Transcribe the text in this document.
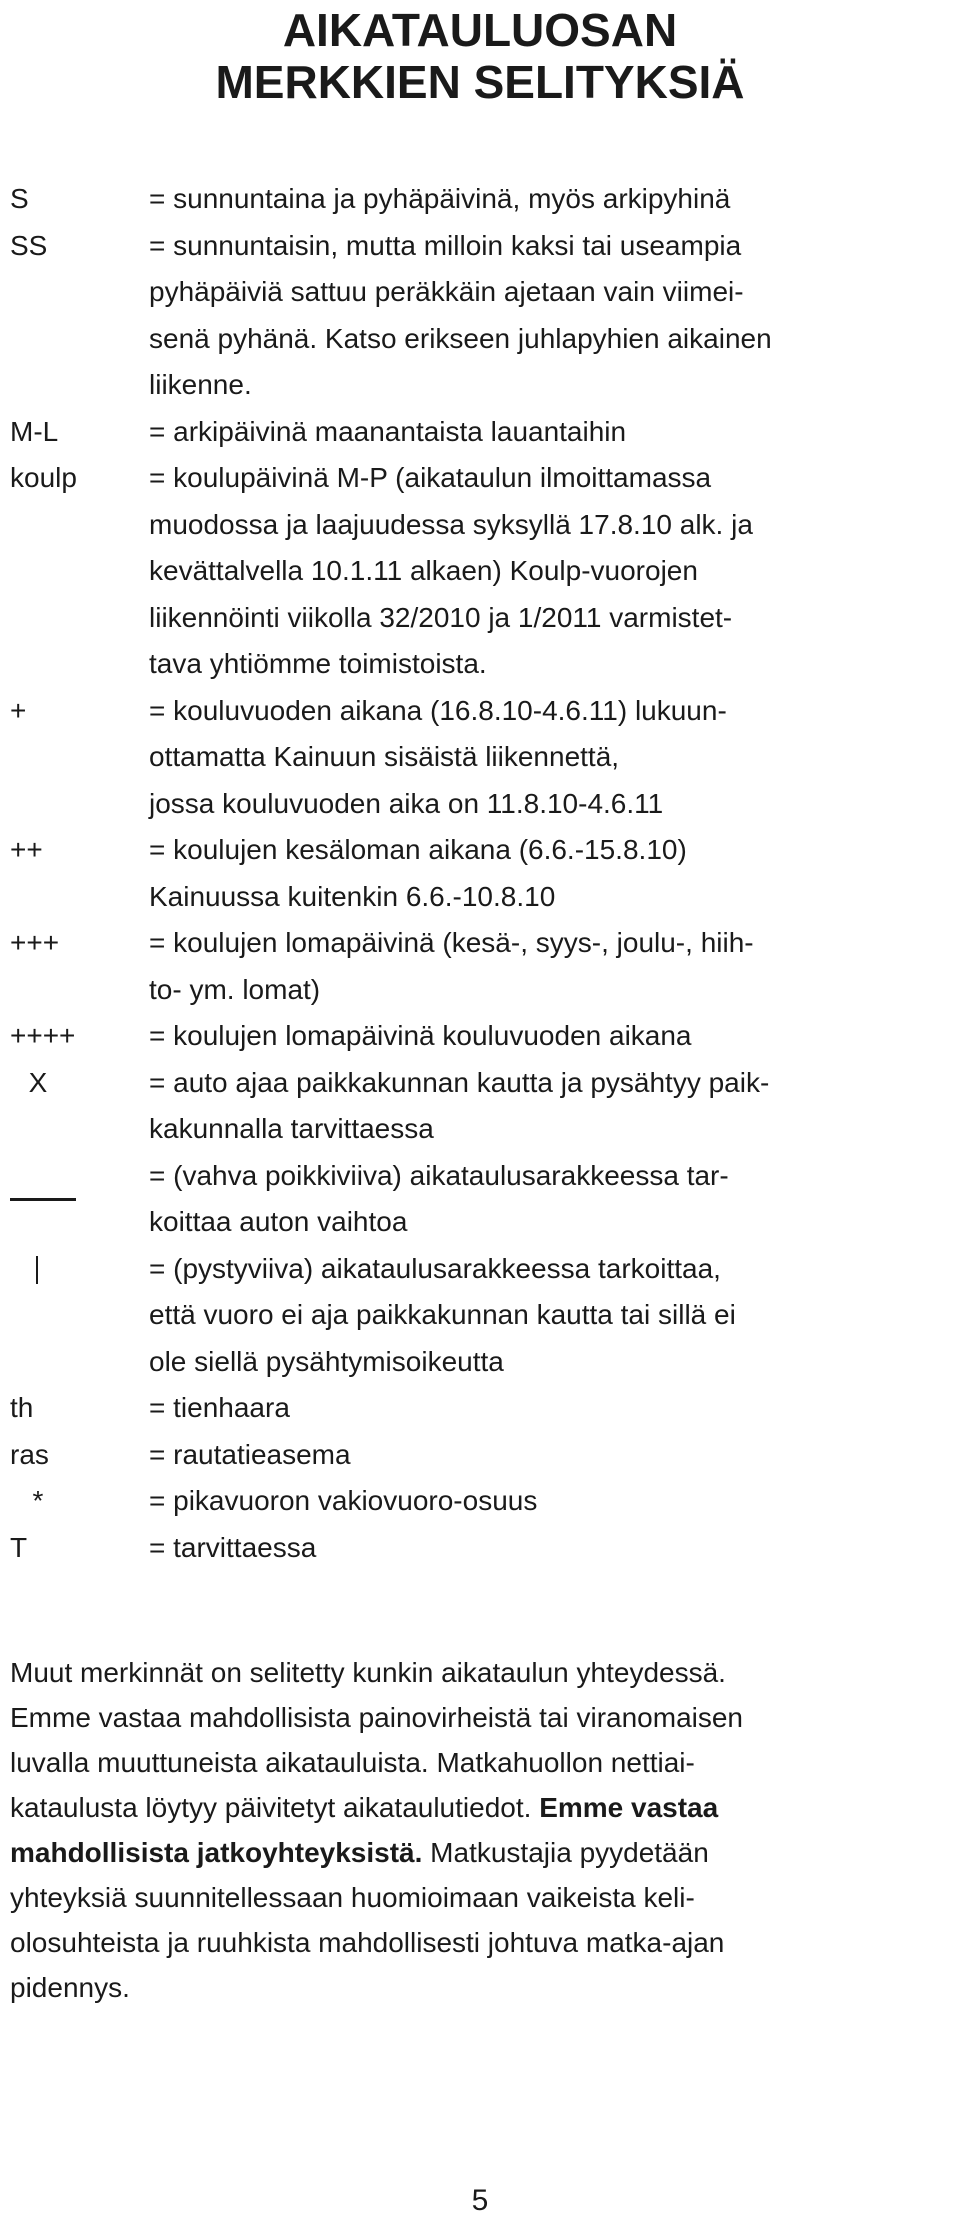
AIKATAULUOSAN
MERKKIEN SELITYKSIÄ
S	= sunnuntaina ja pyhäpäivinä, myös arkipyhinä
SS	= sunnuntaisin, mutta milloin kaksi tai useampia
pyhäpäiviä sattuu peräkkäin ajetaan vain viimei-
senä pyhänä. Katso erikseen juhlapyhien aikainen
liikenne.
M-L	= arkipäivinä maanantaista lauantaihin
koulp	= koulupäivinä M-P (aikataulun ilmoittamassa
muodossa ja laajuudessa syksyllä 17.8.10 alk. ja
kevättalvella 10.1.11 alkaen) Koulp-vuorojen
liikennöinti viikolla 32/2010 ja 1/2011 varmistet-
tava yhtiömme toimistoista.
+	= kouluvuoden aikana (16.8.10-4.6.11) lukuun-
ottamatta Kainuun sisäistä liikennettä,
jossa kouluvuoden aika on 11.8.10-4.6.11
++	= koulujen kesäloman aikana (6.6.-15.8.10)
Kainuussa kuitenkin 6.6.-10.8.10
+++	= koulujen lomapäivinä (kesä-, syys-, joulu-, hiih-
to- ym. lomat)
++++	= koulujen lomapäivinä kouluvuoden aikana
X	= auto ajaa paikkakunnan kautta ja pysähtyy paik-
kakunnalla tarvittaessa
= (vahva poikkiviiva) aikataulusarakkeessa tar-
koittaa auton vaihtoa
= (pystyviiva) aikataulusarakkeessa tarkoittaa,
että vuoro ei aja paikkakunnan kautta tai sillä ei
ole siellä pysähtymisoikeutta
th	= tienhaara
ras	= rautatieasema
*	= pikavuoron vakiovuoro-osuus
T	= tarvittaessa
Muut merkinnät on selitetty kunkin aikataulun yhteydessä.
Emme vastaa mahdollisista painovirheistä tai viranomaisen
luvalla muuttuneista aikatauluista. Matkahuollon nettiai-
kataulusta löytyy päivitetyt aikataulutiedot. Emme vastaa
mahdollisista jatkoyhteyksistä. Matkustajia pyydetään
yhteyksiä suunnitellessaan huomioimaan vaikeista keli-
olosuhteista ja ruuhkista mahdollisesti johtuva matka-ajan
pidennys.
5
